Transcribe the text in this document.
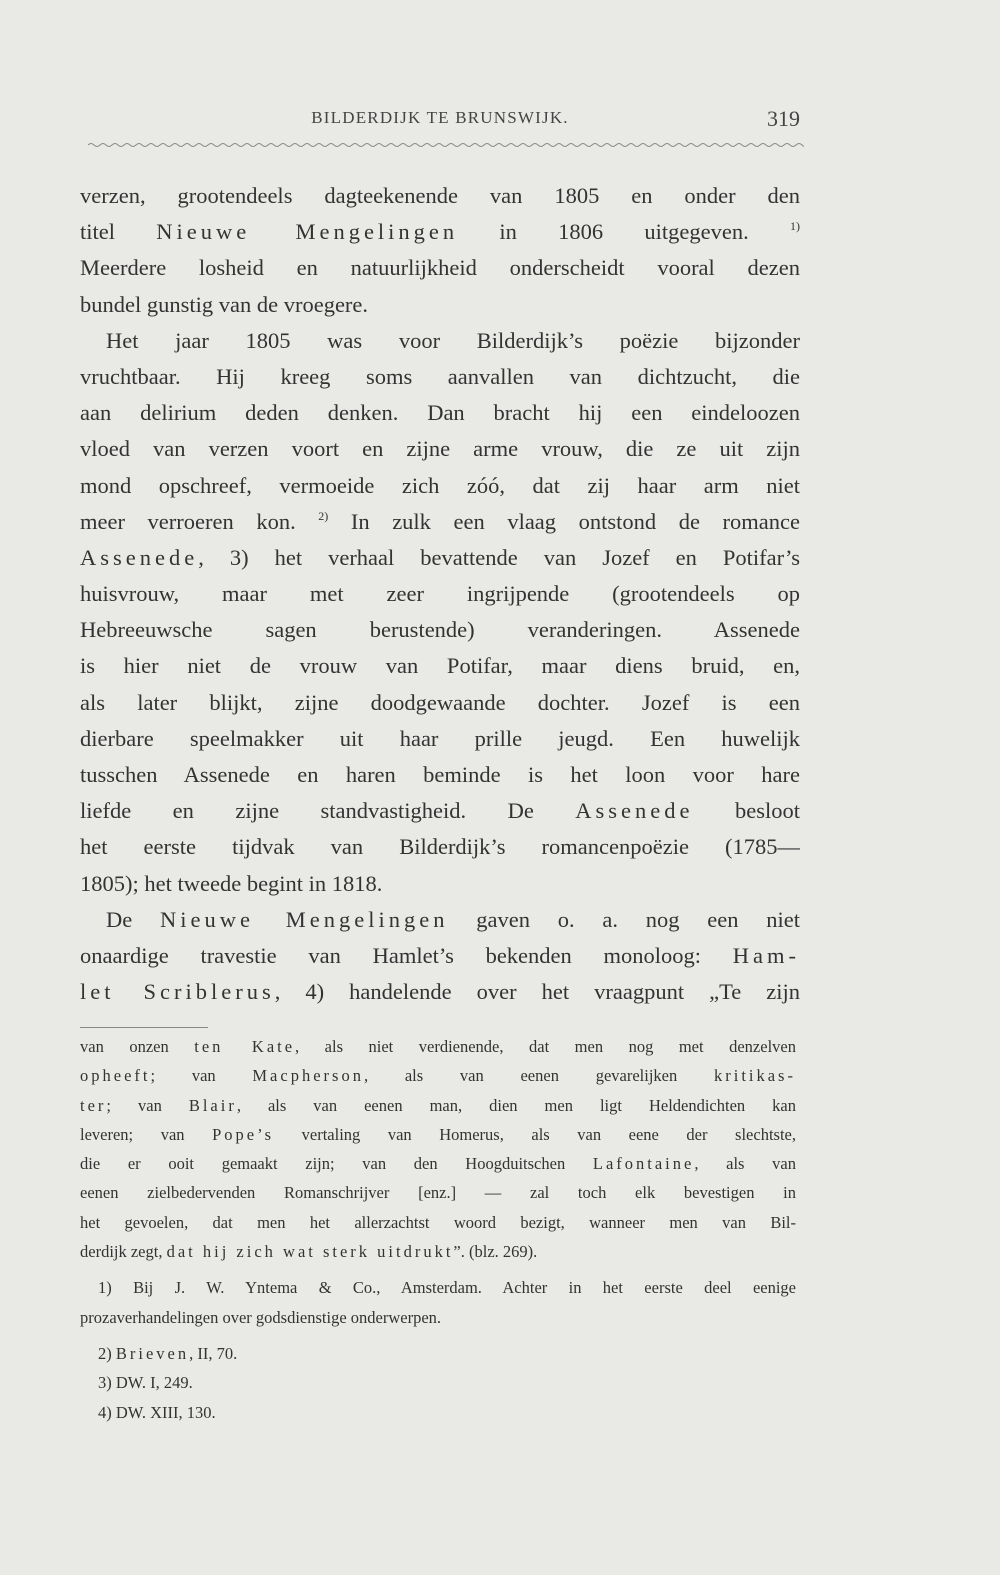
BILDERDIJK TE BRUNSWIJK.	319
verzen, grootendeels dagteekenende van 1805 en onder den
titel Nieuwe Mengelingen in 1806 uitgegeven. $^{1)}$
Meerdere losheid en natuurlijkheid onderscheidt vooral dezen
bundel gunstig van de vroegere.
Het jaar 1805 was voor Bilderdijk’s poëzie bijzonder
vruchtbaar. Hij kreeg soms aanvallen van dichtzucht, die
aan delirium deden denken. Dan bracht hij een eindeloozen
vloed van verzen voort en zijne arme vrouw, die ze uit zijn
mond opschreef, vermoeide zich zóó, dat zij haar arm niet
meer verroeren kon. $^{2)}$ In zulk een vlaag ontstond de romance
Assenede, 3) het verhaal bevattende van Jozef en Potifar’s
huisvrouw, maar met zeer ingrijpende (grootendeels op
Hebreeuwsche sagen berustende) veranderingen. Assenede
is hier niet de vrouw van Potifar, maar diens bruid, en,
als later blijkt, zijne doodgewaande dochter. Jozef is een
dierbare speelmakker uit haar prille jeugd. Een huwelijk
tusschen Assenede en haren beminde is het loon voor hare
liefde en zijne standvastigheid. De Assenede besloot
het eerste tijdvak van Bilderdijk’s romancenpoëzie (1785—
1805); het tweede begint in 1818.
De Nieuwe Mengelingen gaven o. a. nog een niet
onaardige travestie van Hamlet’s bekenden monoloog: Ham-
let Scriblerus, 4) handelende over het vraagpunt „Te zijn
van onzen ten Kate, als niet verdienende, dat men nog met denzelven
opheeft; van Macpherson, als van eenen gevarelijken kritikas-
ter; van Blair, als van eenen man, dien men ligt Heldendichten kan
leveren; van Pope’s vertaling van Homerus, als van eene der slechtste,
die er ooit gemaakt zijn; van den Hoogduitschen Lafontaine, als van
eenen zielbedervenden Romanschrijver [enz.] — zal toch elk bevestigen in
het gevoelen, dat men het allerzachtst woord bezigt, wanneer men van Bil-
derdijk zegt, dat hij zich wat sterk uitdrukt”. (blz. 269).
1) Bij J. W. Yntema & Co., Amsterdam. Achter in het eerste deel eenige
prozaverhandelingen over godsdienstige onderwerpen.
2) Brieven, II, 70.
3) DW. I, 249.
4) DW. XIII, 130.
